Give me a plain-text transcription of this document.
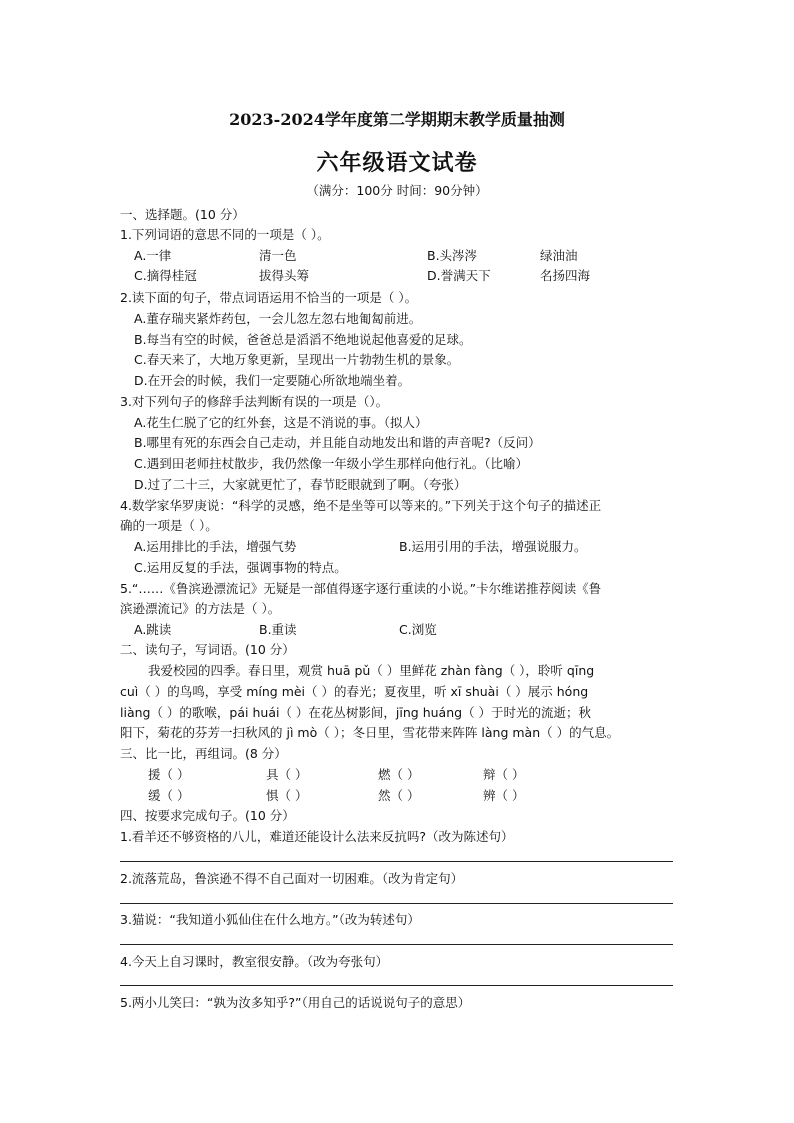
2023-2024学年度第二学期期末教学质量抽测
六年级语文试卷
（满分：100分 时间：90分钟）
一、选择题。(10 分）
1.下列词语的意思不同的一项是（ ）。
A.一律	清一色	B.头涔涔	绿油油
C.摘得桂冠	拔得头筹	D.誉满天下	名扬四海
2.读下面的句子，带点词语运用不恰当的一项是（ ）。
A.董存瑞夹紧炸药包，一会儿忽左忽右地匍匐前进。
B.每当有空的时候，爸爸总是滔滔不绝地说起他喜爱的足球。
C.春天来了，大地万象更新，呈现出一片勃勃生机的景象。
D.在开会的时候，我们一定要随心所欲地端坐着。
3.对下列句子的修辞手法判断有误的一项是（）。
A.花生仁脱了它的红外套，这是不消说的事。（拟人）
B.哪里有死的东西会自己走动，并且能自动地发出和谐的声音呢?（反问）
C.遇到田老师拄杖散步，我仍然像一年级小学生那样向他行礼。（比喻）
D.过了二十三，大家就更忙了，春节眨眼就到了啊。（夸张）
4.数学家华罗庚说：“科学的灵感，绝不是坐等可以等来的。”下列关于这个句子的描述正
确的一项是（ ）。
A.运用排比的手法，增强气势	B.运用引用的手法，增强说服力。
C.运用反复的手法，强调事物的特点。
5.“……《鲁滨逊漂流记》无疑是一部值得逐字逐行重读的小说。”卡尔维诺推荐阅读《鲁
滨逊漂流记》的方法是（ ）。
A.跳读	B.重读	C.浏览
二、读句子，写词语。(10 分）
我爱校园的四季。春日里，观赏 huā pǔ（ ）里鲜花 zhàn fàng（ ），聆听 qīng
cuì（ ）的鸟鸣，享受 míng mèi（ ）的春光；夏夜里，听 xī shuài（ ）展示 hóng
liàng（ ）的歌喉，pái huái（ ）在花丛树影间，jīng huáng（ ）于时光的流逝；秋
阳下，菊花的芬芳一扫秋风的 jì mò（ ）；冬日里，雪花带来阵阵 làng màn（ ）的气息。
三、比一比，再组词。(8 分）
援（ ）	具（ ）	燃（ ）	辩（ ）
缓（ ）	惧（ ）	然（ ）	辨（ ）
四、按要求完成句子。(10 分）
1.看羊还不够资格的八儿，难道还能设计么法来反抗吗?（改为陈述句）
2.流落荒岛，鲁滨逊不得不自己面对一切困难。（改为肯定句）
3.猫说：“我知道小狐仙住在什么地方。”（改为转述句）
4.今天上自习课时，教室很安静。（改为夸张句）
5.两小儿笑曰：“孰为汝多知乎?”（用自己的话说说句子的意思）
